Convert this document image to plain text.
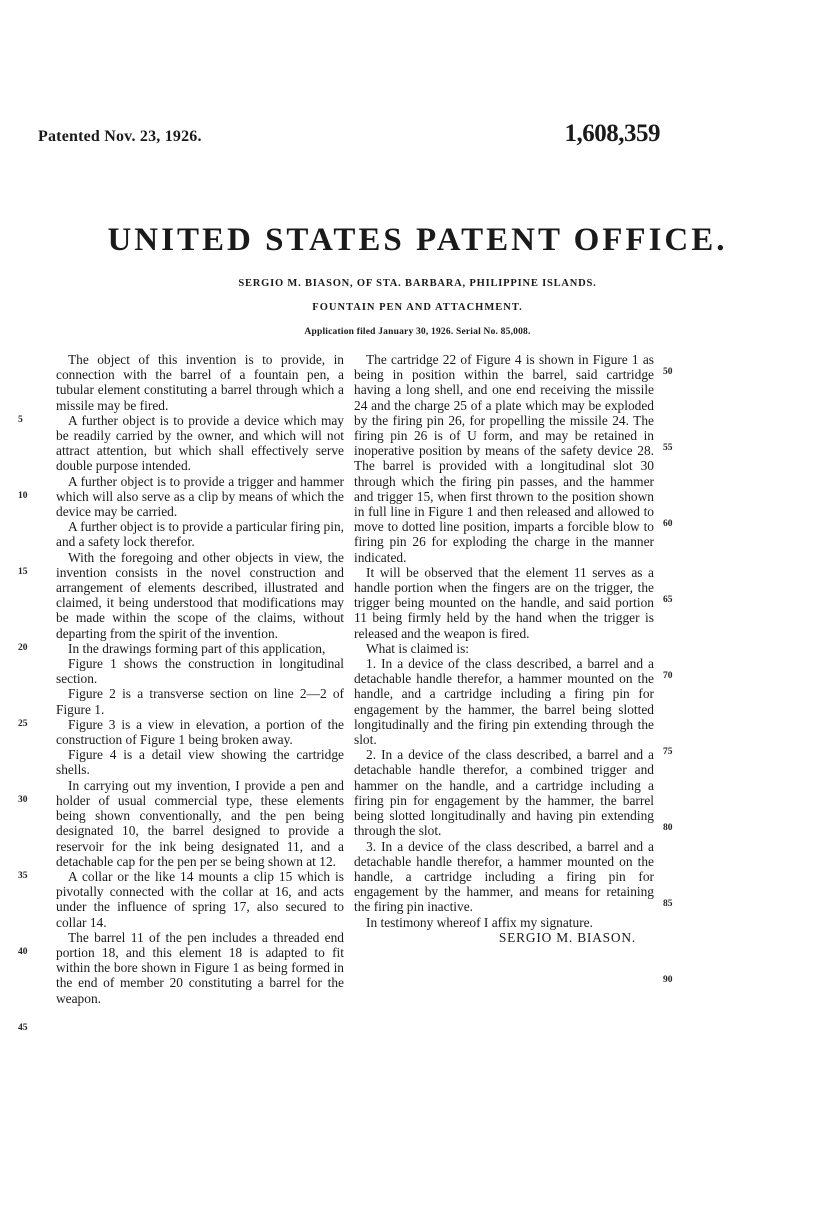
Patented Nov. 23, 1926.	1,608,359
UNITED STATES PATENT OFFICE.
SERGIO M. BIASON, OF STA. BARBARA, PHILIPPINE ISLANDS.
FOUNTAIN PEN AND ATTACHMENT.
Application filed January 30, 1926. Serial No. 85,008.

The object of this invention is to provide, in connection with the barrel of a fountain pen, a tubular element constituting a barrel through which a missile may be fired.

A further object is to provide a device which may be readily carried by the owner, and which will not attract attention, but which shall effectively serve double purpose intended.

A further object is to provide a trigger and hammer which will also serve as a clip by means of which the device may be carried.

A further object is to provide a particular firing pin, and a safety lock therefor.

With the foregoing and other objects in view, the invention consists in the novel construction and arrangement of elements described, illustrated and claimed, it being understood that modifications may be made within the scope of the claims, without departing from the spirit of the invention.

In the drawings forming part of this application,

Figure 1 shows the construction in longitudinal section.

Figure 2 is a transverse section on line 2—2 of Figure 1.

Figure 3 is a view in elevation, a portion of the construction of Figure 1 being broken away.

Figure 4 is a detail view showing the cartridge shells.

In carrying out my invention, I provide a pen and holder of usual commercial type, these elements being shown conventionally, and the pen being designated 10, the barrel designed to provide a reservoir for the ink being designated 11, and a detachable cap for the pen per se being shown at 12.

A collar or the like 14 mounts a clip 15 which is pivotally connected with the collar at 16, and acts under the influence of spring 17, also secured to collar 14.

The barrel 11 of the pen includes a threaded end portion 18, and this element 18 is adapted to fit within the bore shown in Figure 1 as being formed in the end of member 20 constituting a barrel for the weapon.

The cartridge 22 of Figure 4 is shown in Figure 1 as being in position within the barrel, said cartridge having a long shell, and one end receiving the missile 24 and the charge 25 of a plate which may be exploded by the firing pin 26, for propelling the missile 24. The firing pin 26 is of U form, and may be retained in inoperative position by means of the safety device 28. The barrel is provided with a longitudinal slot 30 through which the firing pin passes, and the hammer and trigger 15, when first thrown to the position shown in full line in Figure 1 and then released and allowed to move to dotted line position, imparts a forcible blow to firing pin 26 for exploding the charge in the manner indicated.

It will be observed that the element 11 serves as a handle portion when the fingers are on the trigger, the trigger being mounted on the handle, and said portion 11 being firmly held by the hand when the trigger is released and the weapon is fired.

What is claimed is:

1. In a device of the class described, a barrel and a detachable handle therefor, a hammer mounted on the handle, and a cartridge including a firing pin for engagement by the hammer, the barrel being slotted longitudinally and the firing pin extending through the slot.

2. In a device of the class described, a barrel and a detachable handle therefor, a combined trigger and hammer on the handle, and a cartridge including a firing pin for engagement by the hammer, the barrel being slotted longitudinally and having pin extending through the slot.

3. In a device of the class described, a barrel and a detachable handle therefor, a hammer mounted on the handle, a cartridge including a firing pin for engagement by the hammer, and means for retaining the firing pin inactive.

In testimony whereof I affix my signature.

SERGIO M. BIASON.

5
10
15
20
25
30
35
40
45
50
55
60
65
70
75
80
85
90
